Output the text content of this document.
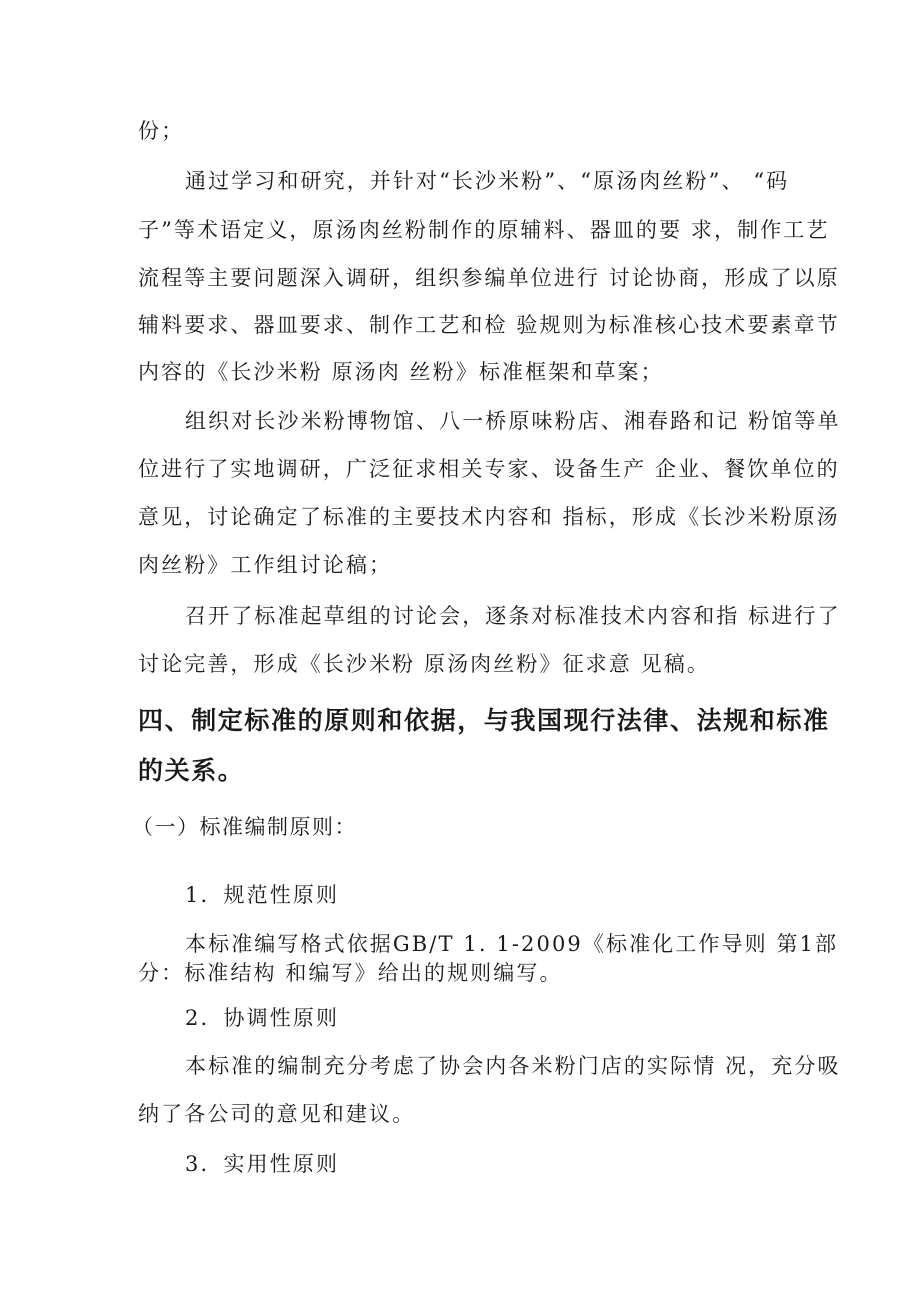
份；
通过学习和研究，并针对“长沙米粉”、“原汤肉丝粉”、 “码
子”等术语定义，原汤肉丝粉制作的原辅料、器皿的要 求，制作工艺
流程等主要问题深入调研，组织参编单位进行 讨论协商，形成了以原
辅料要求、器皿要求、制作工艺和检 验规则为标准核心技术要素章节
内容的《长沙米粉 原汤肉 丝粉》标准框架和草案；
组织对长沙米粉博物馆、八一桥原味粉店、湘春路和记 粉馆等单
位进行了实地调研，广泛征求相关专家、设备生产 企业、餐饮单位的
意见，讨论确定了标准的主要技术内容和 指标，形成《长沙米粉原汤
肉丝粉》工作组讨论稿；
召开了标准起草组的讨论会，逐条对标准技术内容和指 标进行了
讨论完善，形成《长沙米粉 原汤肉丝粉》征求意 见稿。
四、制定标准的原则和依据，与我国现行法律、法规和标准
的关系。
（一）标准编制原则：
1．规范性原则
本标准编写格式依据GB/T 1. 1-2009《标准化工作导则 第1部
分：标准结构 和编写》给出的规则编写。
2．协调性原则
本标准的编制充分考虑了协会内各米粉门店的实际情 况，充分吸
纳了各公司的意见和建议。
3．实用性原则
